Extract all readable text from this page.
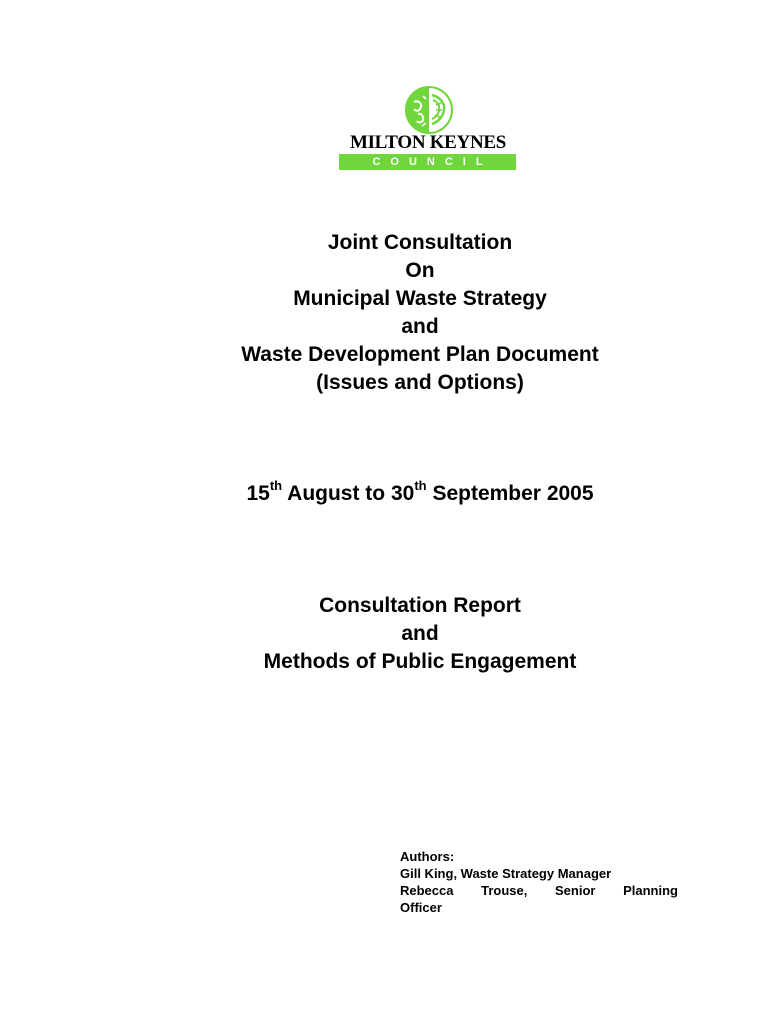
MILTON KEYNES
COUNCIL
Joint Consultation
On
Municipal Waste Strategy
and
Waste Development Plan Document
(Issues and Options)
15th August to 30th September 2005
Consultation Report
and
Methods of Public Engagement
Authors:
Gill King, Waste Strategy Manager
Rebecca Trouse, Senior Planning
Officer
